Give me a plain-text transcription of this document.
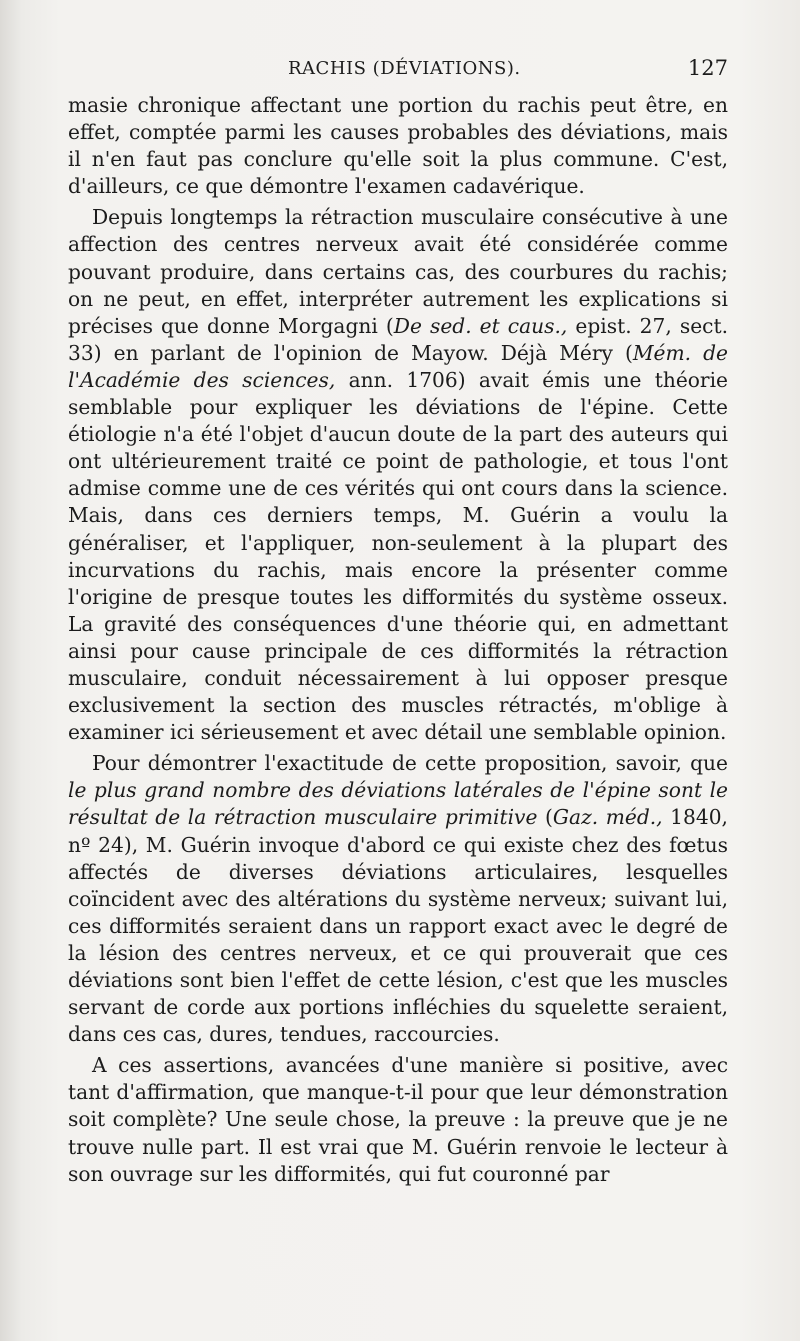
RACHIS (DÉVIATIONS).	127

masie chronique affectant une portion du rachis peut être, en effet, comptée parmi les causes probables des déviations, mais il n'en faut pas conclure qu'elle soit la plus commune. C'est, d'ailleurs, ce que démontre l'examen cadavérique.

Depuis longtemps la rétraction musculaire consécutive à une affection des centres nerveux avait été considérée comme pouvant produire, dans certains cas, des courbures du rachis; on ne peut, en effet, interpréter autrement les explications si précises que donne Morgagni (De sed. et caus., epist. 27, sect. 33) en parlant de l'opinion de Mayow. Déjà Méry (Mém. de l'Académie des sciences, ann. 1706) avait émis une théorie semblable pour expliquer les déviations de l'épine. Cette étiologie n'a été l'objet d'aucun doute de la part des auteurs qui ont ultérieurement traité ce point de pathologie, et tous l'ont admise comme une de ces vérités qui ont cours dans la science. Mais, dans ces derniers temps, M. Guérin a voulu la généraliser, et l'appliquer, non-seulement à la plupart des incurvations du rachis, mais encore la présenter comme l'origine de presque toutes les difformités du système osseux. La gravité des conséquences d'une théorie qui, en admettant ainsi pour cause principale de ces difformités la rétraction musculaire, conduit nécessairement à lui opposer presque exclusivement la section des muscles rétractés, m'oblige à examiner ici sérieusement et avec détail une semblable opinion.

Pour démontrer l'exactitude de cette proposition, savoir, que le plus grand nombre des déviations latérales de l'épine sont le résultat de la rétraction musculaire primitive (Gaz. méd., 1840, nº 24), M. Guérin invoque d'abord ce qui existe chez des fœtus affectés de diverses déviations articulaires, lesquelles coïncident avec des altérations du système nerveux; suivant lui, ces difformités seraient dans un rapport exact avec le degré de la lésion des centres nerveux, et ce qui prouverait que ces déviations sont bien l'effet de cette lésion, c'est que les muscles servant de corde aux portions infléchies du squelette seraient, dans ces cas, dures, tendues, raccourcies.

A ces assertions, avancées d'une manière si positive, avec tant d'affirmation, que manque-t-il pour que leur démonstration soit complète? Une seule chose, la preuve : la preuve que je ne trouve nulle part. Il est vrai que M. Guérin renvoie le lecteur à son ouvrage sur les difformités, qui fut couronné par
